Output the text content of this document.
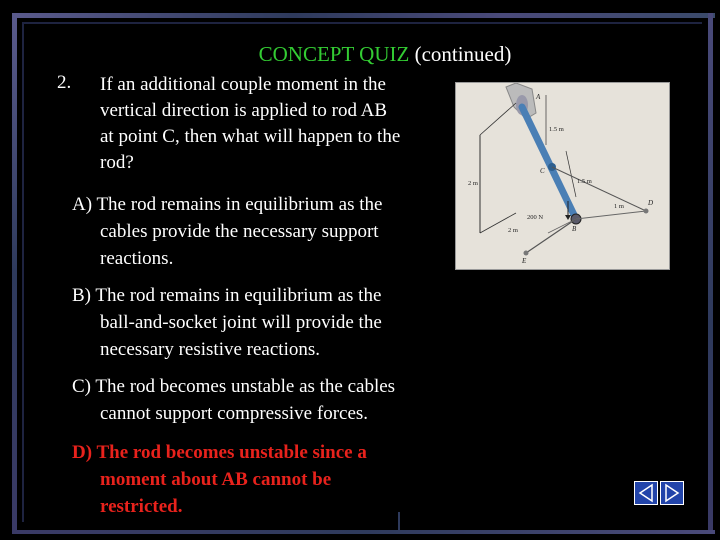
CONCEPT QUIZ (continued)
2. If an additional couple moment in the
vertical direction is applied to rod AB
at point C, then what will happen to the
rod?
A) The rod remains in equilibrium as the
cables provide the necessary support
reactions.
B) The rod remains in equilibrium as the
ball-and-socket joint will provide the
necessary resistive reactions.
C) The rod becomes unstable as the cables
cannot support compressive forces.
D) The rod becomes unstable since a
moment about AB cannot be
restricted.
A
C
B
D
E
1.5 m
2 m	1.5 m
1 m
2 m
200 N
